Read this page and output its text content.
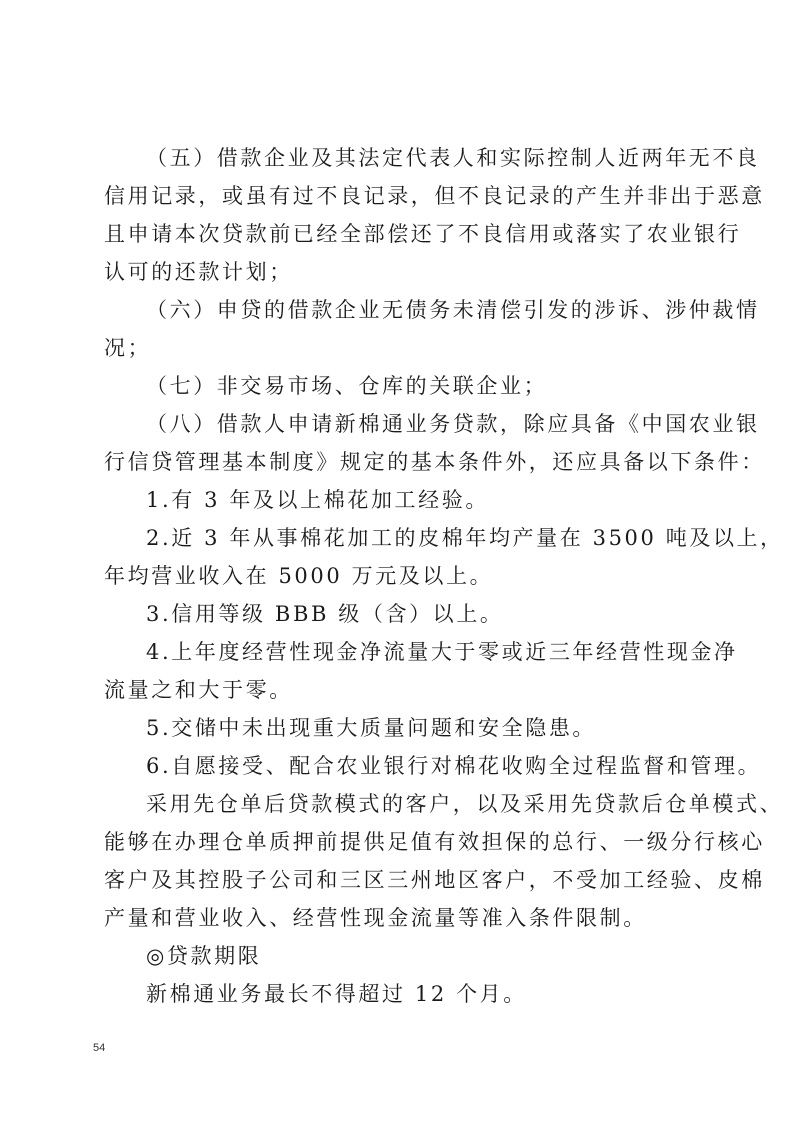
（五）借款企业及其法定代表人和实际控制人近两年无不良
信用记录，或虽有过不良记录，但不良记录的产生并非出于恶意
且申请本次贷款前已经全部偿还了不良信用或落实了农业银行
认可的还款计划；
（六）申贷的借款企业无债务未清偿引发的涉诉、涉仲裁情
况；
（七）非交易市场、仓库的关联企业；
（八）借款人申请新棉通业务贷款，除应具备《中国农业银
行信贷管理基本制度》规定的基本条件外，还应具备以下条件：
1.有 3 年及以上棉花加工经验。
2.近 3 年从事棉花加工的皮棉年均产量在 3500 吨及以上，
年均营业收入在 5000 万元及以上。
3.信用等级 BBB 级（含）以上。
4.上年度经营性现金净流量大于零或近三年经营性现金净
流量之和大于零。
5.交储中未出现重大质量问题和安全隐患。
6.自愿接受、配合农业银行对棉花收购全过程监督和管理。
采用先仓单后贷款模式的客户，以及采用先贷款后仓单模式、
能够在办理仓单质押前提供足值有效担保的总行、一级分行核心
客户及其控股子公司和三区三州地区客户，不受加工经验、皮棉
产量和营业收入、经营性现金流量等准入条件限制。
◎贷款期限
新棉通业务最长不得超过 12 个月。
54
